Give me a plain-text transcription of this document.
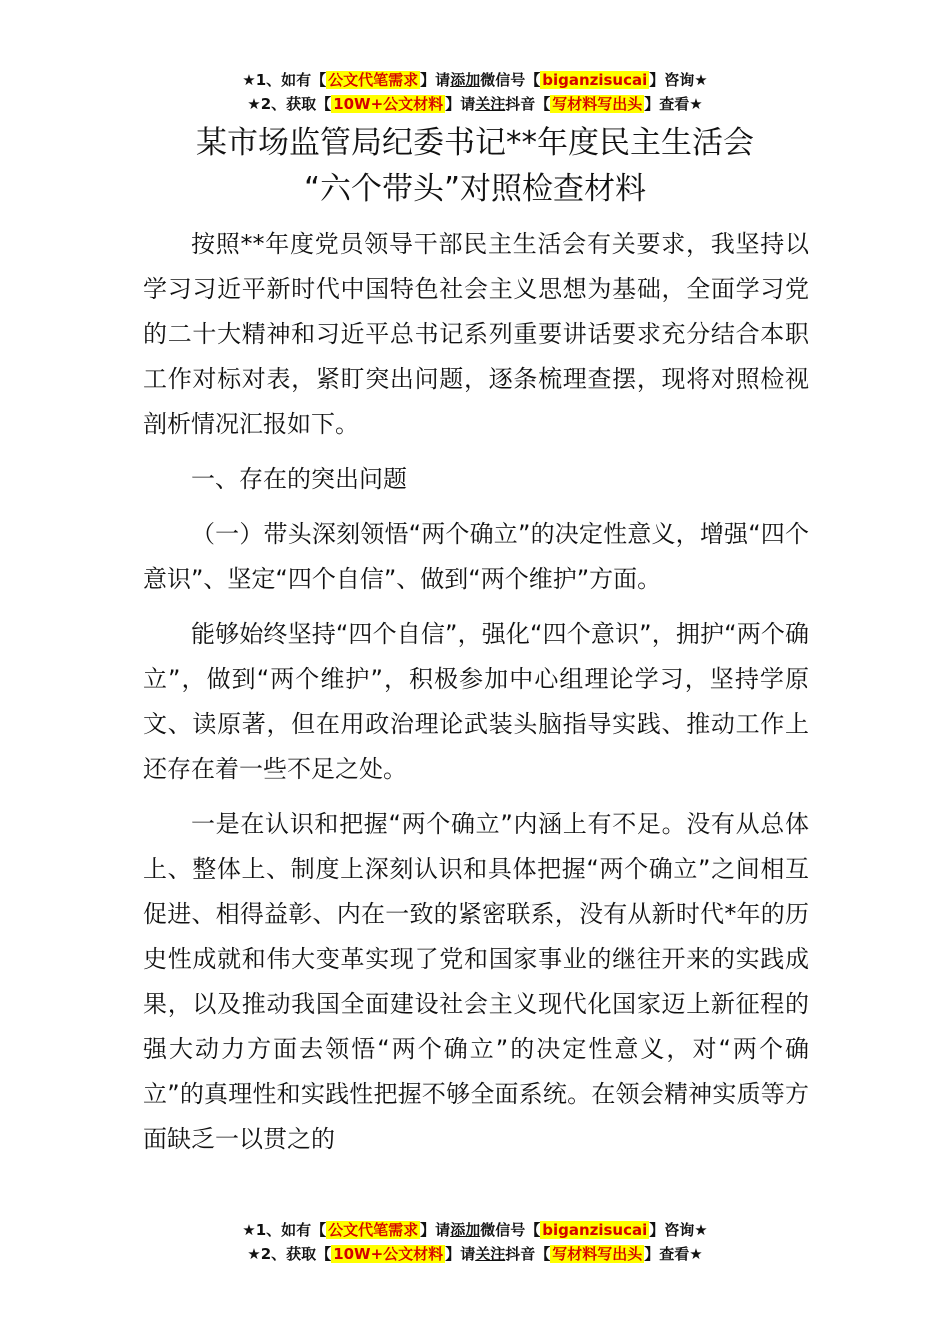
★1、如有【 公文代笔需求 】请添加微信号【 biganzisucai 】咨询★
★2、获取【 10W+公文材料 】请关注抖音【 写材料写出头 】查看★
某市场监管局纪委书记**年度民主生活会
“六个带头”对照检查材料

按照**年度党员领导干部民主生活会有关要求，我坚持以学习习近平新时代中国特色社会主义思想为基础，全面学习党的二十大精神和习近平总书记系列重要讲话要求充分结合本职工作对标对表，紧盯突出问题，逐条梳理查摆，现将对照检视剖析情况汇报如下。

一、存在的突出问题

（一）带头深刻领悟“两个确立”的决定性意义，增强“四个意识”、坚定“四个自信”、做到“两个维护”方面。

能够始终坚持“四个自信”，强化“四个意识”，拥护“两个确立”，做到“两个维护”，积极参加中心组理论学习，坚持学原文、读原著，但在用政治理论武装头脑指导实践、推动工作上还存在着一些不足之处。

一是在认识和把握“两个确立”内涵上有不足。没有从总体上、整体上、制度上深刻认识和具体把握“两个确立”之间相互促进、相得益彰、内在一致的紧密联系，没有从新时代*年的历史性成就和伟大变革实现了党和国家事业的继往开来的实践成果，以及推动我国全面建设社会主义现代化国家迈上新征程的强大动力方面去领悟“两个确立”的决定性意义，对“两个确立”的真理性和实践性把握不够全面系统。在领会精神实质等方面缺乏一以贯之的

★1、如有【 公文代笔需求 】请添加微信号【 biganzisucai 】咨询★
★2、获取【 10W+公文材料 】请关注抖音【 写材料写出头 】查看★
